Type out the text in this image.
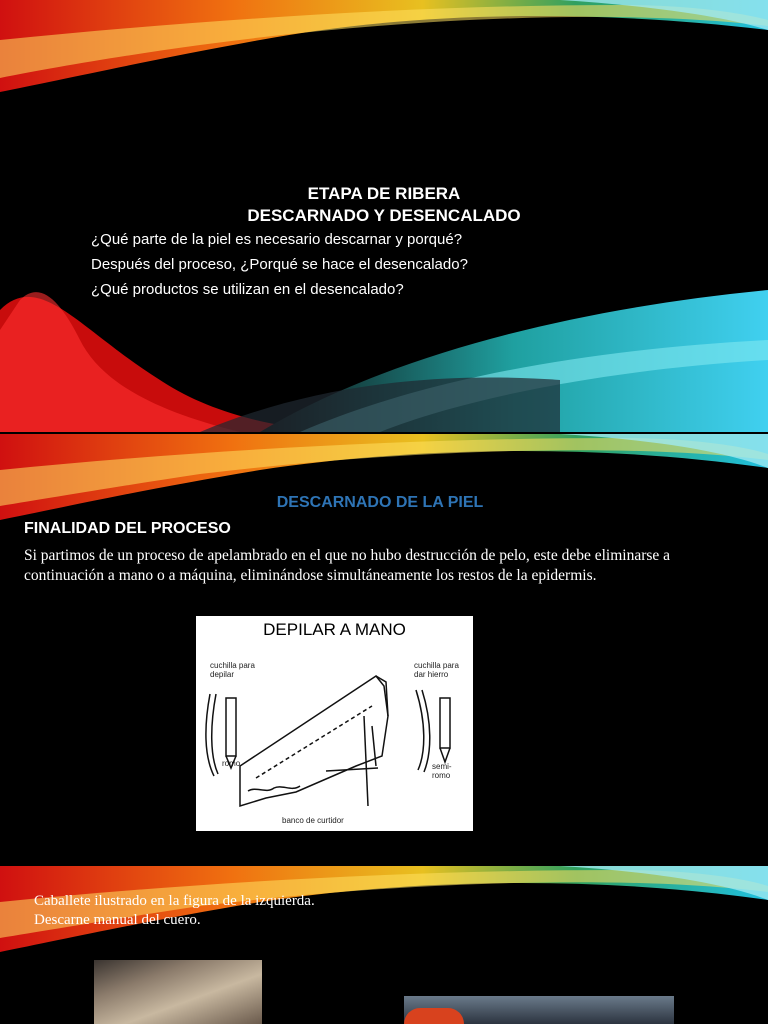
ETAPA DE RIBERA
DESCARNADO Y DESENCALADO
¿Qué parte de la piel es necesario descarnar y porqué?
Después del proceso, ¿Porqué se hace el desencalado?
¿Qué productos se utilizan en el desencalado?
DESCARNADO DE LA PIEL
FINALIDAD DEL PROCESO
Si partimos de un proceso de apelambrado en el que no hubo destrucción de pelo, este debe eliminarse a continuación a mano o a máquina, eliminándose simultáneamente los restos de la epidermis.
DEPILAR A MANO
cuchilla para depilar
romo
cuchilla para dar hierro
semi-romo
banco de curtidor
Caballete ilustrado en la figura de la izquierda.
Descarne manual del cuero.
